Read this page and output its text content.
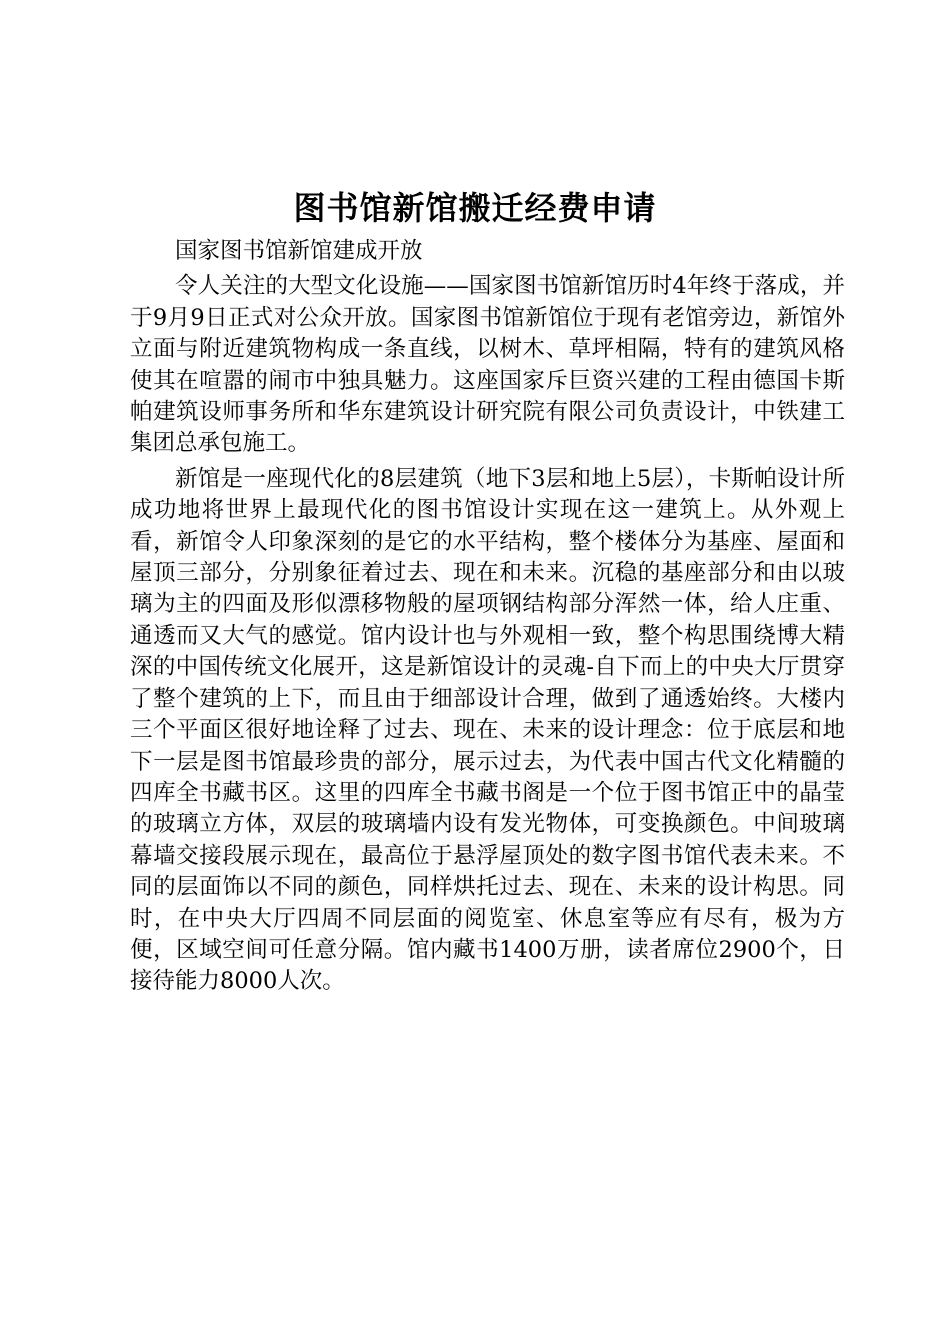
图书馆新馆搬迁经费申请

国家图书馆新馆建成开放

令人关注的大型文化设施——国家图书馆新馆历时4年终于落成，并于9月9日正式对公众开放。国家图书馆新馆位于现有老馆旁边，新馆外立面与附近建筑物构成一条直线，以树木、草坪相隔，特有的建筑风格使其在喧嚣的闹市中独具魅力。这座国家斥巨资兴建的工程由德国卡斯帕建筑设师事务所和华东建筑设计研究院有限公司负责设计，中铁建工集团总承包施工。

新馆是一座现代化的8层建筑（地下3层和地上5层），卡斯帕设计所成功地将世界上最现代化的图书馆设计实现在这一建筑上。从外观上看，新馆令人印象深刻的是它的水平结构，整个楼体分为基座、屋面和屋顶三部分，分别象征着过去、现在和未来。沉稳的基座部分和由以玻璃为主的四面及形似漂移物般的屋项钢结构部分浑然一体，给人庄重、通透而又大气的感觉。馆内设计也与外观相一致，整个构思围绕博大精深的中国传统文化展开，这是新馆设计的灵魂-自下而上的中央大厅贯穿了整个建筑的上下，而且由于细部设计合理，做到了通透始终。大楼内三个平面区很好地诠释了过去、现在、未来的设计理念：位于底层和地下一层是图书馆最珍贵的部分，展示过去，为代表中国古代文化精髓的四库全书藏书区。这里的四库全书藏书阁是一个位于图书馆正中的晶莹的玻璃立方体，双层的玻璃墙内设有发光物体，可变换颜色。中间玻璃幕墙交接段展示现在，最高位于悬浮屋顶处的数字图书馆代表未来。不同的层面饰以不同的颜色，同样烘托过去、现在、未来的设计构思。同时，在中央大厅四周不同层面的阅览室、休息室等应有尽有，极为方便，区域空间可任意分隔。馆内藏书1400万册，读者席位2900个，日接待能力8000人次。
